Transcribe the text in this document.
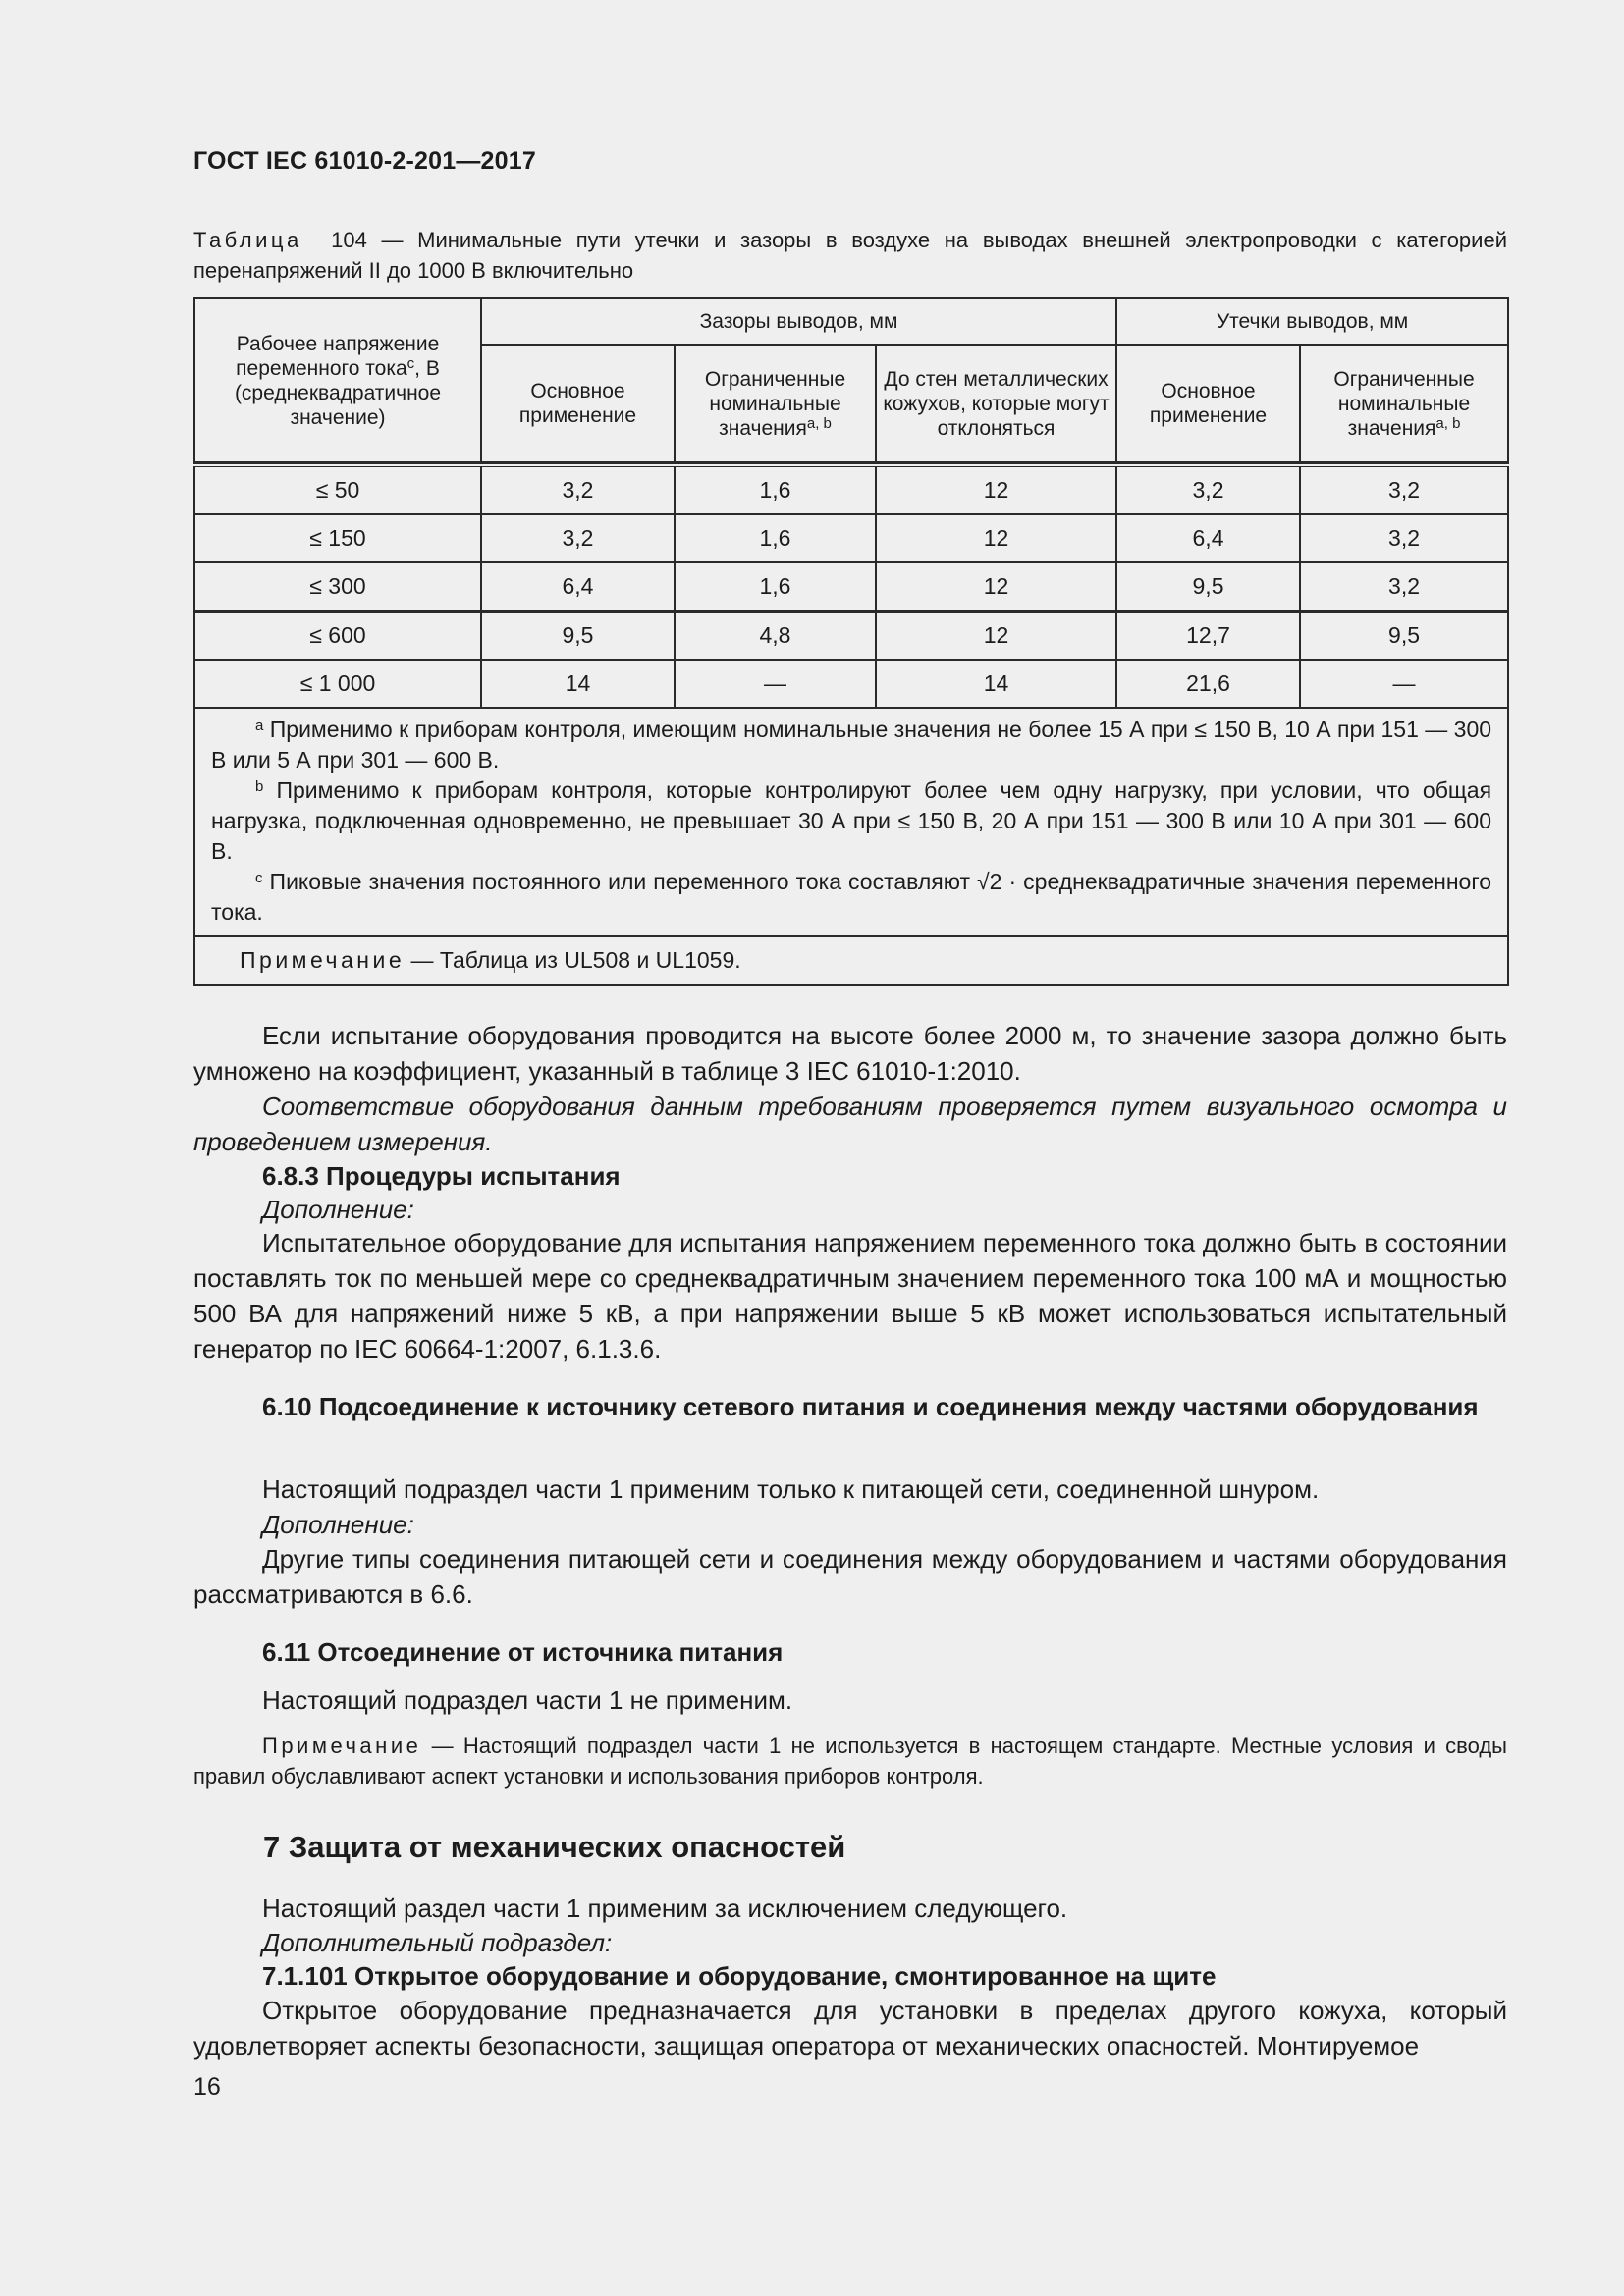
ГОСТ IEC 61010-2-201—2017
Таблица 104 — Минимальные пути утечки и зазоры в воздухе на выводах внешней электропроводки с категорией перенапряжений II до 1000 В включительно
Рабочее напряжение переменного тока$^c$, В (среднеквадратичное значение)	Зазоры выводов, мм			Утечки выводов, мм	
	Основное применение	Ограниченные номинальные значения$^{a, b}$	До стен металлических кожухов, которые могут отклоняться	Основное применение	Ограниченные номинальные значения$^{a, b}$

≤ 50	3,2	1,6	12	3,2	3,2
≤ 150	3,2	1,6	12	6,4	3,2
≤ 300	6,4	1,6	12	9,5	3,2
≤ 600	9,5	4,8	12	12,7	9,5
≤ 1 000	14	—	14	21,6	—

$^a$ Применимо к приборам контроля, имеющим номинальные значения не более 15 А при ≤ 150 В, 10 А при 151 — 300 В или 5 А при 301 — 600 В.

$^b$ Применимо к приборам контроля, которые контролируют более чем одну нагрузку, при условии, что общая нагрузка, подключенная одновременно, не превышает 30 А при ≤ 150 В, 20 А при 151 — 300 В или 10 А при 301 — 600 В.

$^c$ Пиковые значения постоянного или переменного тока составляют √2 · среднеквадратичные значения переменного тока.					

Примечание — Таблица из UL508 и UL1059.					
Если испытание оборудования проводится на высоте более 2000 м, то значение зазора должно быть умножено на коэффициент, указанный в таблице 3 IEC 61010-1:2010.
Соответствие оборудования данным требованиям проверяется путем визуального осмотра и проведением измерения.
6.8.3 Процедуры испытания
Дополнение:
Испытательное оборудование для испытания напряжением переменного тока должно быть в состоянии поставлять ток по меньшей мере со среднеквадратичным значением переменного тока 100 мА и мощностью 500 ВА для напряжений ниже 5 кВ, а при напряжении выше 5 кВ может использоваться испытательный генератор по IEC 60664-1:2007, 6.1.3.6.
6.10 Подсоединение к источнику сетевого питания и соединения между частями оборудования
Настоящий подраздел части 1 применим только к питающей сети, соединенной шнуром.
Дополнение:
Другие типы соединения питающей сети и соединения между оборудованием и частями оборудования рассматриваются в 6.6.
6.11 Отсоединение от источника питания
Настоящий подраздел части 1 не применим.
Примечание — Настоящий подраздел части 1 не используется в настоящем стандарте. Местные условия и своды правил обуславливают аспект установки и использования приборов контроля.
7 Защита от механических опасностей
Настоящий раздел части 1 применим за исключением следующего.
Дополнительный подраздел:
7.1.101 Открытое оборудование и оборудование, смонтированное на щите
Открытое оборудование предназначается для установки в пределах другого кожуха, который удовлетворяет аспекты безопасности, защищая оператора от механических опасностей. Монтируемое
16
